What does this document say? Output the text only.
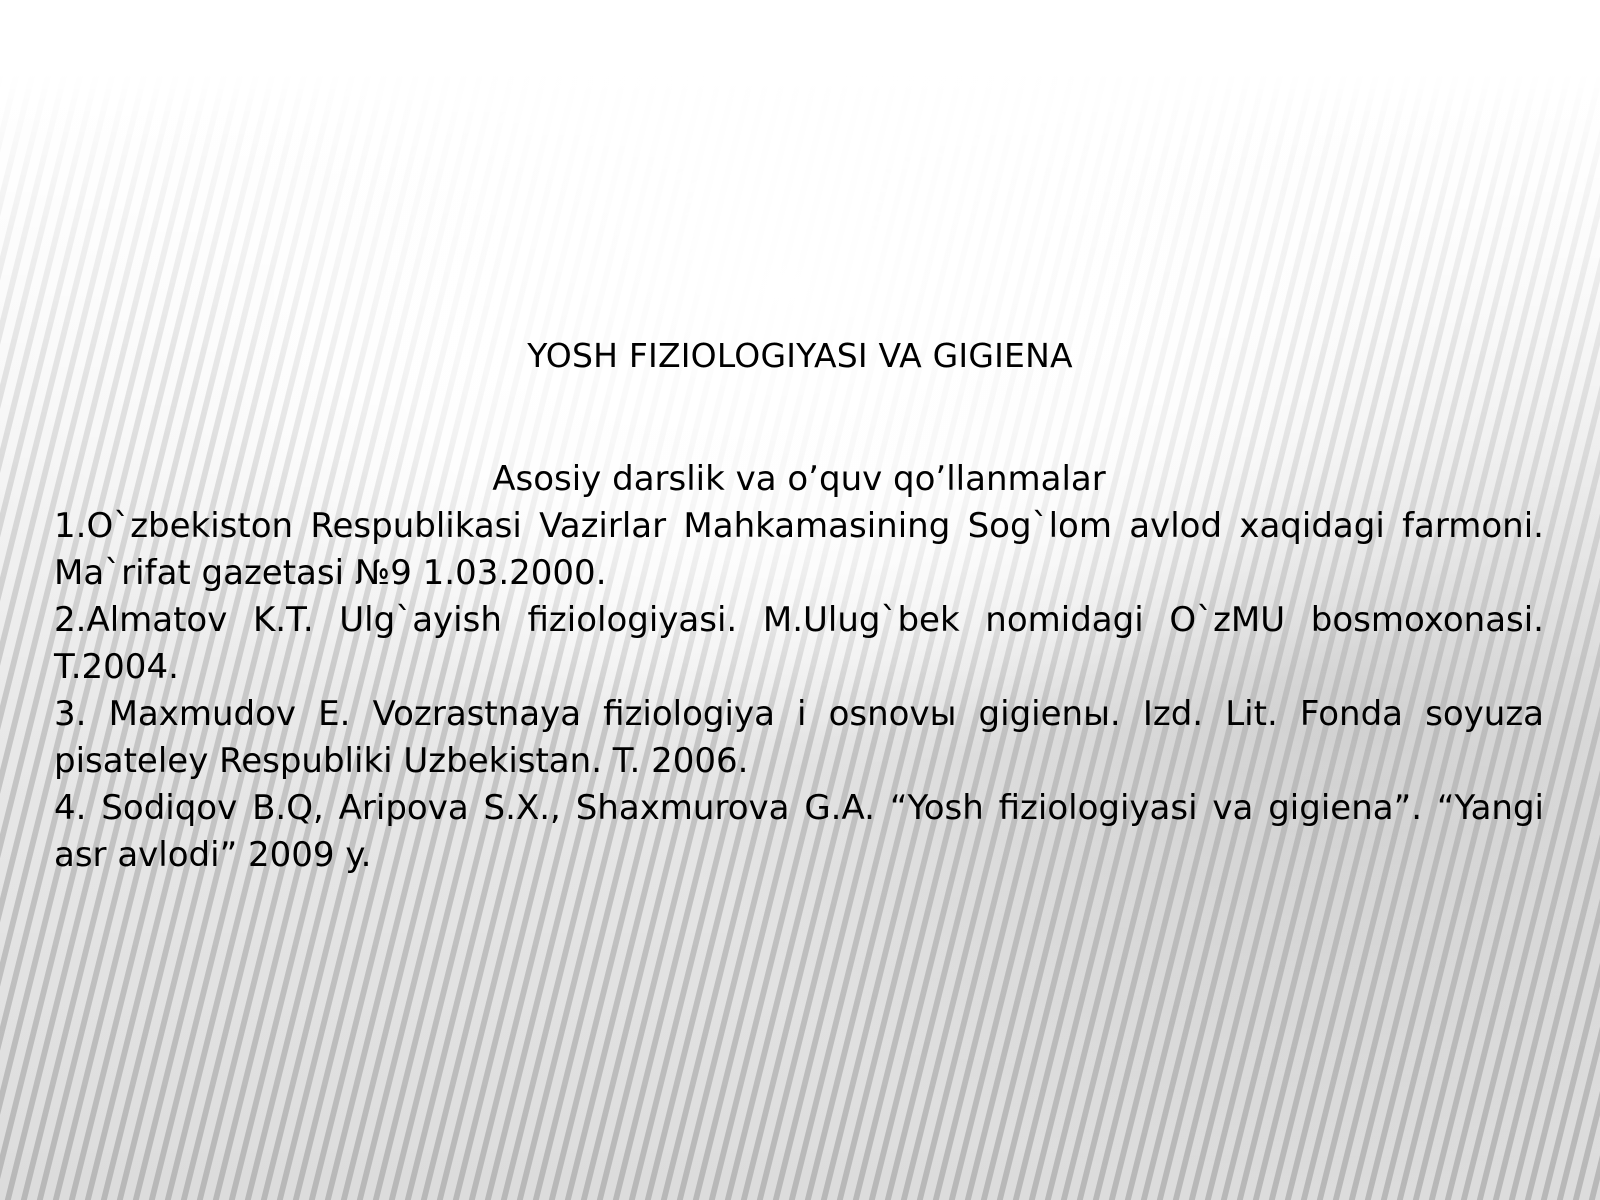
YOSH FIZIOLOGIYASI VA GIGIENA

Asosiy darslik va o’quv qo’llanmalar

1.O`zbekiston Respublikasi Vazirlar Mahkamasining Sog`lom avlod xaqidagi farmoni. Ma`rifat gazetasi №9 1.03.2000.

2.Almatov K.T. Ulg`ayish fiziologiyasi. M.Ulug`bek nomidagi O`zMU bosmoxonasi. T.2004.

3. Maxmudov E. Vozrastnaya fiziologiya i osnovы gigienы. Izd. Lit. Fonda soyuza pisateley Respubliki Uzbekistan. T. 2006.

4. Sodiqov B.Q, Aripova S.X., Shaxmurova G.A. “Yosh fiziologiyasi va gigiena”. “Yangi asr avlodi” 2009 y.
